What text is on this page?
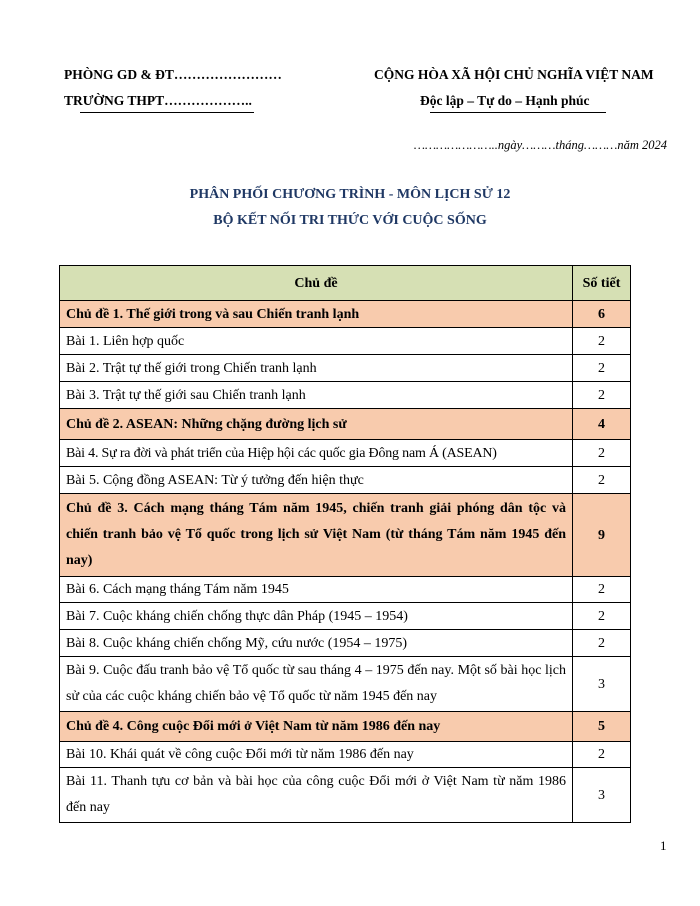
PHÒNG GD & ĐT……………………
TRƯỜNG THPT………………..
CỘNG HÒA XÃ HỘI CHỦ NGHĨA VIỆT NAM
Độc lập – Tự do – Hạnh phúc
…………………..ngày………tháng………năm 2024
PHÂN PHỐI CHƯƠNG TRÌNH - MÔN LỊCH SỬ 12
BỘ KẾT NỐI TRI THỨC VỚI CUỘC SỐNG
Chủ đề	Số tiết
Chủ đề 1. Thế giới trong và sau Chiến tranh lạnh	6
Bài 1. Liên hợp quốc	2
Bài 2. Trật tự thế giới trong Chiến tranh lạnh	2
Bài 3. Trật tự thế giới sau Chiến tranh lạnh	2
Chủ đề 2. ASEAN: Những chặng đường lịch sử	4
Bài 4. Sự ra đời và phát triển của Hiệp hội các quốc gia Đông nam Á (ASEAN)	2
Bài 5. Cộng đồng ASEAN: Từ ý tưởng đến hiện thực	2
Chủ đề 3. Cách mạng tháng Tám năm 1945, chiến tranh giải phóng dân tộc và chiến tranh bảo vệ Tổ quốc trong lịch sử Việt Nam (từ tháng Tám năm 1945 đến nay)	9
Bài 6. Cách mạng tháng Tám năm 1945	2
Bài 7. Cuộc kháng chiến chống thực dân Pháp (1945 – 1954)	2
Bài 8. Cuộc kháng chiến chống Mỹ, cứu nước (1954 – 1975)	2
Bài 9. Cuộc đấu tranh bảo vệ Tổ quốc từ sau tháng 4 – 1975 đến nay. Một số bài học lịch sử của các cuộc kháng chiến bảo vệ Tổ quốc từ năm 1945 đến nay	3
Chủ đề 4. Công cuộc Đổi mới ở Việt Nam từ năm 1986 đến nay	5
Bài 10. Khái quát về công cuộc Đổi mới từ năm 1986 đến nay	2
Bài 11. Thanh tựu cơ bản và bài học của công cuộc Đổi mới ở Việt Nam từ năm 1986 đến nay	3
1
